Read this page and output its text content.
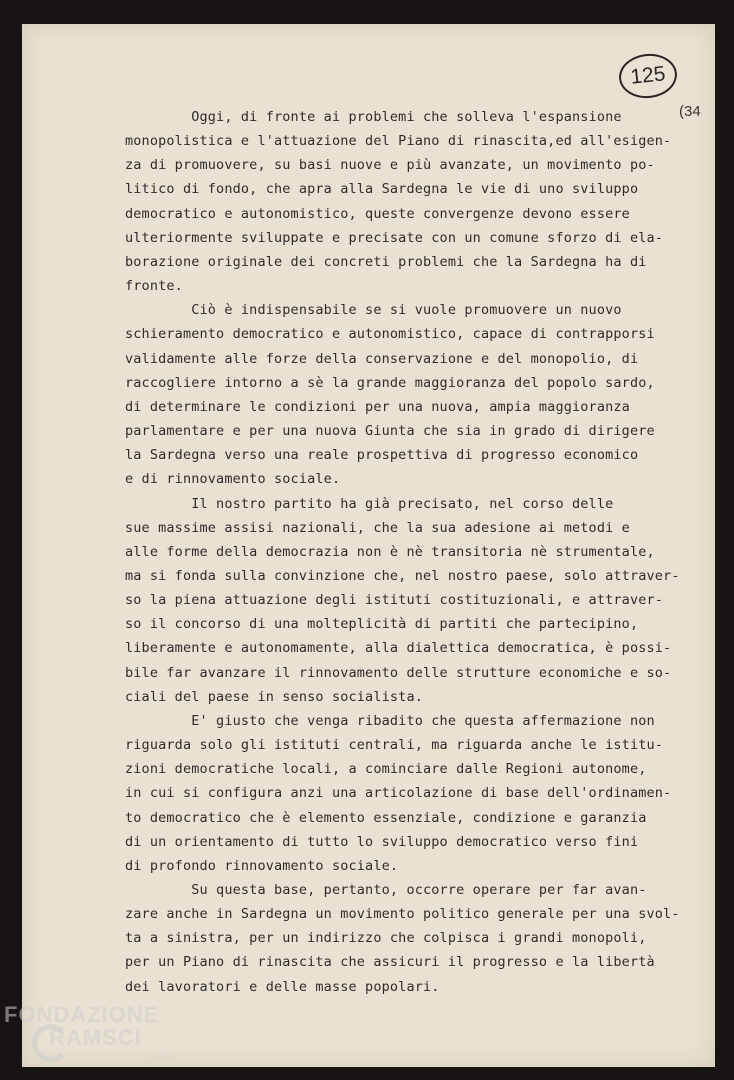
125
(34
Oggi, di fronte ai problemi che solleva l'espansione
monopolistica e l'attuazione del Piano di rinascita,ed all'esigen-
za di promuovere, su basi nuove e più avanzate, un movimento po-
litico di fondo, che apra alla Sardegna le vie di uno sviluppo
democratico e autonomistico, queste convergenze devono essere
ulteriormente sviluppate e precisate con un comune sforzo di ela-
borazione originale dei concreti problemi che la Sardegna ha di
fronte.
Ciò è indispensabile se si vuole promuovere un nuovo
schieramento democratico e autonomistico, capace di contrapporsi
validamente alle forze della conservazione e del monopolio, di
raccogliere intorno a sè la grande maggioranza del popolo sardo,
di determinare le condizioni per una nuova, ampia maggioranza
parlamentare e per una nuova Giunta che sia in grado di dirigere
la Sardegna verso una reale prospettiva di progresso economico
e di rinnovamento sociale.
Il nostro partito ha già precisato, nel corso delle
sue massime assisi nazionali, che la sua adesione ai metodi e
alle forme della democrazia non è nè transitoria nè strumentale,
ma si fonda sulla convinzione che, nel nostro paese, solo attraver-
so la piena attuazione degli istituti costituzionali, e attraver-
so il concorso di una molteplicità di partiti che partecipino,
liberamente e autonomamente, alla dialettica democratica, è possi-
bile far avanzare il rinnovamento delle strutture economiche e so-
ciali del paese in senso socialista.
E' giusto che venga ribadito che questa affermazione non
riguarda solo gli istituti centrali, ma riguarda anche le istitu-
zioni democratiche locali, a cominciare dalle Regioni autonome,
in cui si configura anzi una articolazione di base dell'ordinamen-
to democratico che è elemento essenziale, condizione e garanzia
di un orientamento di tutto lo sviluppo democratico verso fini
di profondo rinnovamento sociale.
Su questa base, pertanto, occorre operare per far avan-
zare anche in Sardegna un movimento politico generale per una svol-
ta a sinistra, per un indirizzo che colpisca i grandi monopoli,
per un Piano di rinascita che assicuri il progresso e la libertà
dei lavoratori e delle masse popolari.
FONDAZIONE
RAMSCI
onlus
